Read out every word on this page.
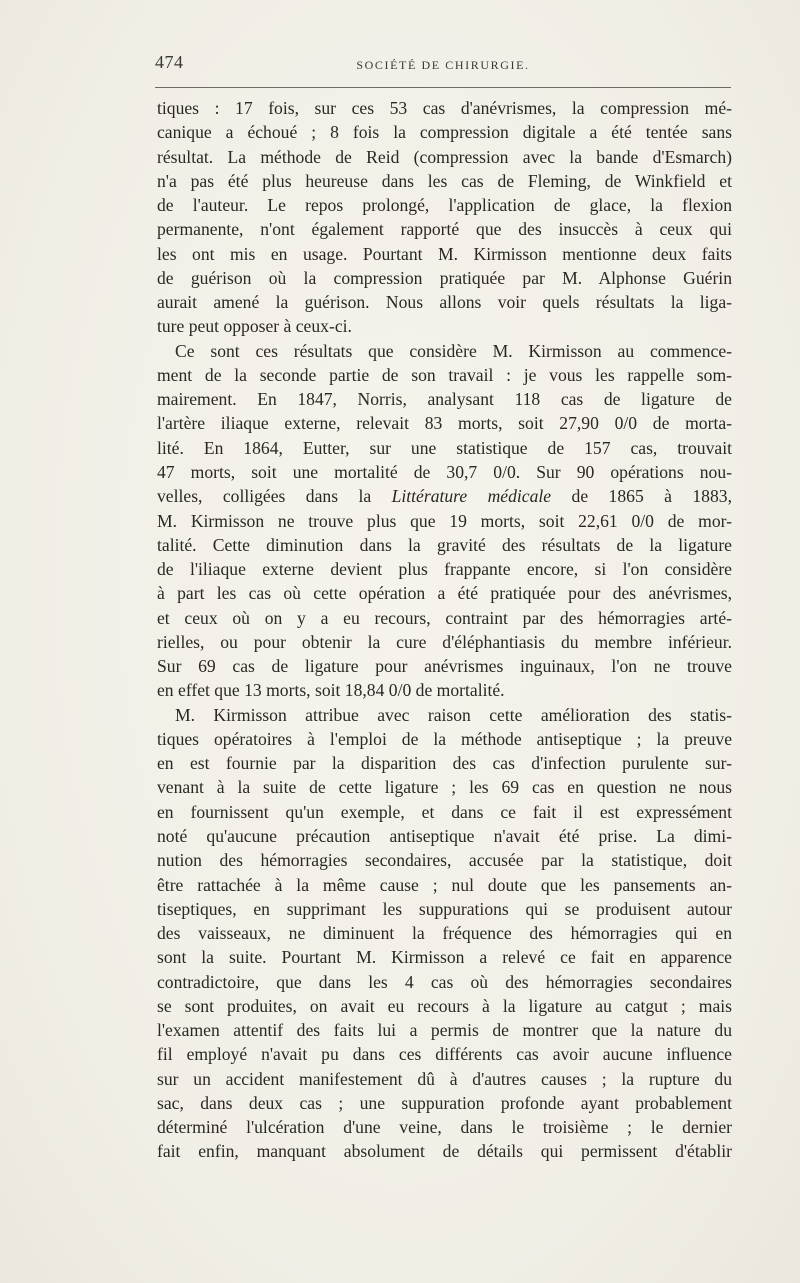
474	SOCIÉTÉ DE CHIRURGIE.
tiques : 17 fois, sur ces 53 cas d'anévrismes, la compression mé-
canique a échoué ; 8 fois la compression digitale a été tentée sans
résultat. La méthode de Reid (compression avec la bande d'Esmarch)
n'a pas été plus heureuse dans les cas de Fleming, de Winkfield et
de l'auteur. Le repos prolongé, l'application de glace, la flexion
permanente, n'ont également rapporté que des insuccès à ceux qui
les ont mis en usage. Pourtant M. Kirmisson mentionne deux faits
de guérison où la compression pratiquée par M. Alphonse Guérin
aurait amené la guérison. Nous allons voir quels résultats la liga-
ture peut opposer à ceux-ci.
Ce sont ces résultats que considère M. Kirmisson au commence-
ment de la seconde partie de son travail : je vous les rappelle som-
mairement. En 1847, Norris, analysant 118 cas de ligature de
l'artère iliaque externe, relevait 83 morts, soit 27,90 0/0 de morta-
lité. En 1864, Eutter, sur une statistique de 157 cas, trouvait
47 morts, soit une mortalité de 30,7 0/0. Sur 90 opérations nou-
velles, colligées dans la Littérature médicale de 1865 à 1883,
M. Kirmisson ne trouve plus que 19 morts, soit 22,61 0/0 de mor-
talité. Cette diminution dans la gravité des résultats de la ligature
de l'iliaque externe devient plus frappante encore, si l'on considère
à part les cas où cette opération a été pratiquée pour des anévrismes,
et ceux où on y a eu recours, contraint par des hémorragies arté-
rielles, ou pour obtenir la cure d'éléphantiasis du membre inférieur.
Sur 69 cas de ligature pour anévrismes inguinaux, l'on ne trouve
en effet que 13 morts, soit 18,84 0/0 de mortalité.
M. Kirmisson attribue avec raison cette amélioration des statis-
tiques opératoires à l'emploi de la méthode antiseptique ; la preuve
en est fournie par la disparition des cas d'infection purulente sur-
venant à la suite de cette ligature ; les 69 cas en question ne nous
en fournissent qu'un exemple, et dans ce fait il est expressément
noté qu'aucune précaution antiseptique n'avait été prise. La dimi-
nution des hémorragies secondaires, accusée par la statistique, doit
être rattachée à la même cause ; nul doute que les pansements an-
tiseptiques, en supprimant les suppurations qui se produisent autour
des vaisseaux, ne diminuent la fréquence des hémorragies qui en
sont la suite. Pourtant M. Kirmisson a relevé ce fait en apparence
contradictoire, que dans les 4 cas où des hémorragies secondaires
se sont produites, on avait eu recours à la ligature au catgut ; mais
l'examen attentif des faits lui a permis de montrer que la nature du
fil employé n'avait pu dans ces différents cas avoir aucune influence
sur un accident manifestement dû à d'autres causes ; la rupture du
sac, dans deux cas ; une suppuration profonde ayant probablement
déterminé l'ulcération d'une veine, dans le troisième ; le dernier
fait enfin, manquant absolument de détails qui permissent d'établir
